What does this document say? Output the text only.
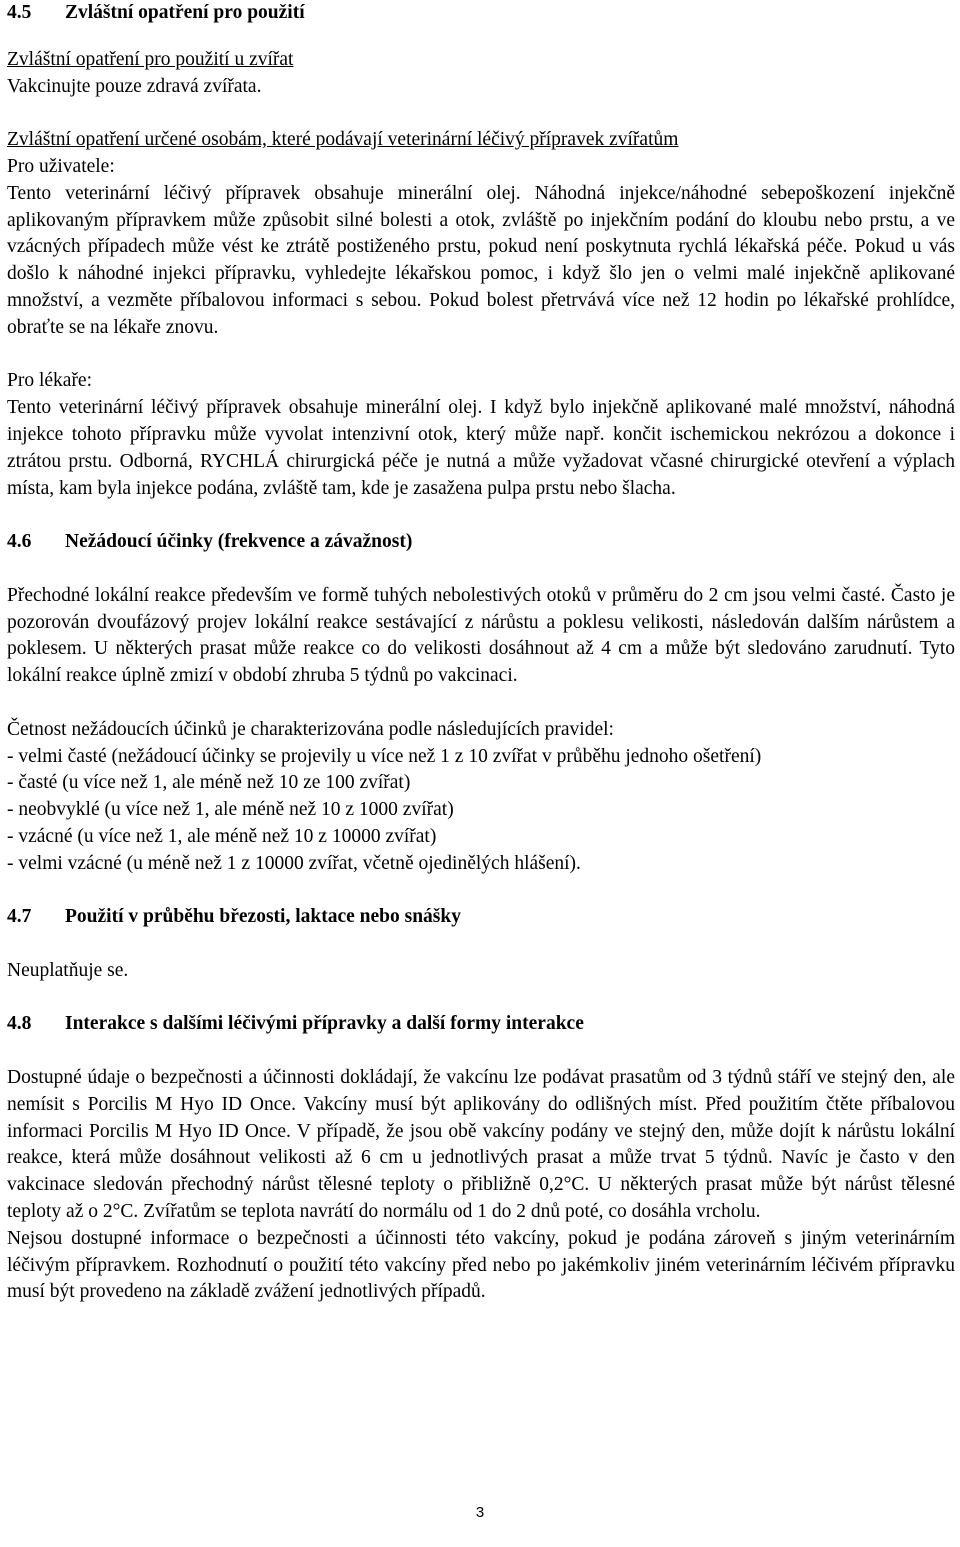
4.5 Zvláštní opatření pro použití

Zvláštní opatření pro použití u zvířat

Vakcinujte pouze zdravá zvířata.

Zvláštní opatření určené osobám, které podávají veterinární léčivý přípravek zvířatům

Pro uživatele:

Tento veterinární léčivý přípravek obsahuje minerální olej. Náhodná injekce/náhodné sebepoškození injekčně aplikovaným přípravkem může způsobit silné bolesti a otok, zvláště po injekčním podání do kloubu nebo prstu, a ve vzácných případech může vést ke ztrátě postiženého prstu, pokud není poskytnuta rychlá lékařská péče. Pokud u vás došlo k náhodné injekci přípravku, vyhledejte lékařskou pomoc, i když šlo jen o velmi malé injekčně aplikované množství, a vezměte příbalovou informaci s sebou. Pokud bolest přetrvává více než 12 hodin po lékařské prohlídce, obraťte se na lékaře znovu.

Pro lékaře:

Tento veterinární léčivý přípravek obsahuje minerální olej. I když bylo injekčně aplikované malé množství, náhodná injekce tohoto přípravku může vyvolat intenzivní otok, který může např. končit ischemickou nekrózou a dokonce i ztrátou prstu. Odborná, RYCHLÁ chirurgická péče je nutná a může vyžadovat včasné chirurgické otevření a výplach místa, kam byla injekce podána, zvláště tam, kde je zasažena pulpa prstu nebo šlacha.

4.6 Nežádoucí účinky (frekvence a závažnost)

Přechodné lokální reakce především ve formě tuhých nebolestivých otoků v průměru do 2 cm jsou velmi časté. Často je pozorován dvoufázový projev lokální reakce sestávající z nárůstu a poklesu velikosti, následován dalším nárůstem a poklesem. U některých prasat může reakce co do velikosti dosáhnout až 4 cm a může být sledováno zarudnutí. Tyto lokální reakce úplně zmizí v období zhruba 5 týdnů po vakcinaci.

Četnost nežádoucích účinků je charakterizována podle následujících pravidel:

- velmi časté (nežádoucí účinky se projevily u více než 1 z 10 zvířat v průběhu jednoho ošetření)

- časté (u více než 1, ale méně než 10 ze 100 zvířat)

- neobvyklé (u více než 1, ale méně než 10 z 1000 zvířat)

- vzácné (u více než 1, ale méně než 10 z 10000 zvířat)

- velmi vzácné (u méně než 1 z 10000 zvířat, včetně ojedinělých hlášení).

4.7 Použití v průběhu březosti, laktace nebo snášky

Neuplatňuje se.

4.8 Interakce s dalšími léčivými přípravky a další formy interakce

Dostupné údaje o bezpečnosti a účinnosti dokládají, že vakcínu lze podávat prasatům od 3 týdnů stáří ve stejný den, ale nemísit s Porcilis M Hyo ID Once. Vakcíny musí být aplikovány do odlišných míst. Před použitím čtěte příbalovou informaci Porcilis M Hyo ID Once. V případě, že jsou obě vakcíny podány ve stejný den, může dojít k nárůstu lokální reakce, která může dosáhnout velikosti až 6 cm u jednotlivých prasat a může trvat 5 týdnů. Navíc je často v den vakcinace sledován přechodný nárůst tělesné teploty o přibližně 0,2°C. U některých prasat může být nárůst tělesné teploty až o 2°C. Zvířatům se teplota navrátí do normálu od 1 do 2 dnů poté, co dosáhla vrcholu.

Nejsou dostupné informace o bezpečnosti a účinnosti této vakcíny, pokud je podána zároveň s jiným veterinárním léčivým přípravkem. Rozhodnutí o použití této vakcíny před nebo po jakémkoliv jiném veterinárním léčivém přípravku musí být provedeno na základě zvážení jednotlivých případů.

3
